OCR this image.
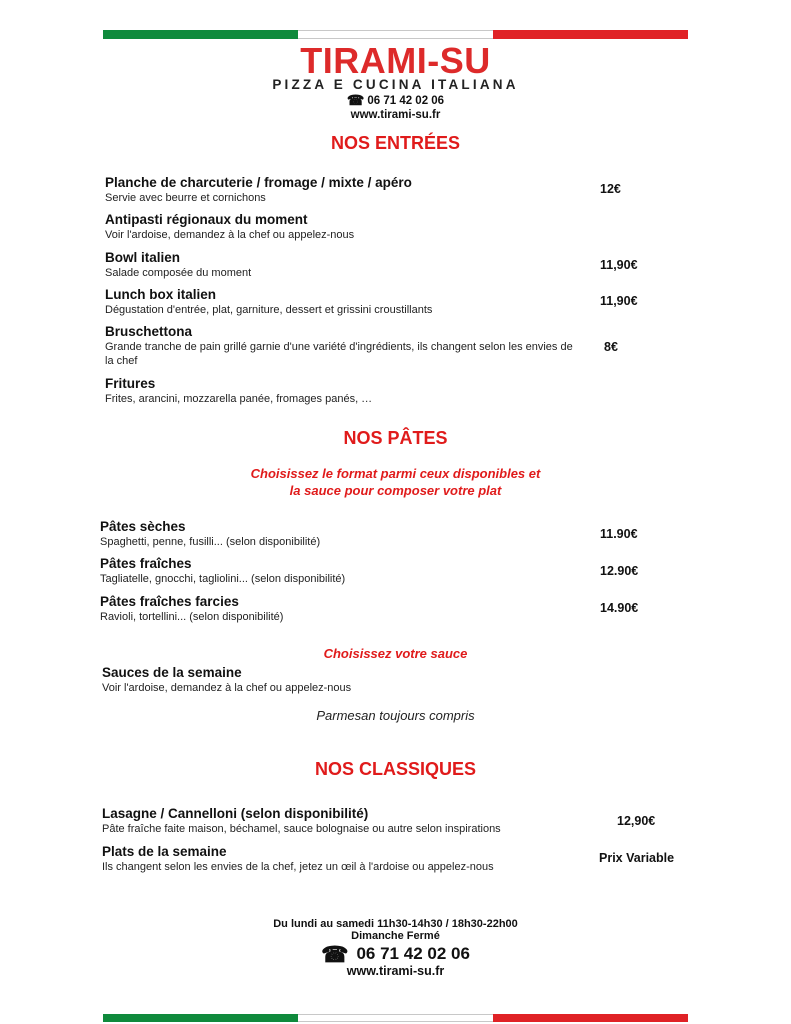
TIRAMI-SU
PIZZA E CUCINA ITALIANA
☎ 06 71 42 02 06
www.tirami-su.fr
NOS ENTRÉES
Planche de charcuterie / fromage / mixte / apéro
Servie avec beurre et cornichons
12€
Antipasti régionaux du moment
Voir l'ardoise, demandez à la chef ou appelez-nous
Bowl italien
Salade composée du moment
11,90€
Lunch box italien
Dégustation d'entrée, plat, garniture, dessert et grissini croustillants
11,90€
Bruschettona
Grande tranche de pain grillé garnie d'une variété d'ingrédients, ils changent selon les envies de la chef
8€
Fritures
Frites, arancini, mozzarella panée, fromages panés, …
NOS PÂTES
Choisissez le format parmi ceux disponibles et
la sauce pour composer votre plat
Pâtes sèches
Spaghetti, penne, fusilli... (selon disponibilité)
11.90€
Pâtes fraîches
Tagliatelle, gnocchi, tagliolini... (selon disponibilité)
12.90€
Pâtes fraîches farcies
Ravioli, tortellini... (selon disponibilité)
14.90€
Choisissez votre sauce
Sauces de la semaine
Voir l'ardoise, demandez à la chef ou appelez-nous
Parmesan toujours compris
NOS CLASSIQUES
Lasagne / Cannelloni (selon disponibilité)
Pâte fraîche faite maison, béchamel, sauce bolognaise ou autre selon inspirations
12,90€
Plats de la semaine
Ils changent selon les envies de la chef, jetez un œil à l'ardoise ou appelez-nous
Prix Variable
Du lundi au samedi 11h30-14h30 / 18h30-22h00
Dimanche Fermé
☎ 06 71 42 02 06
www.tirami-su.fr
